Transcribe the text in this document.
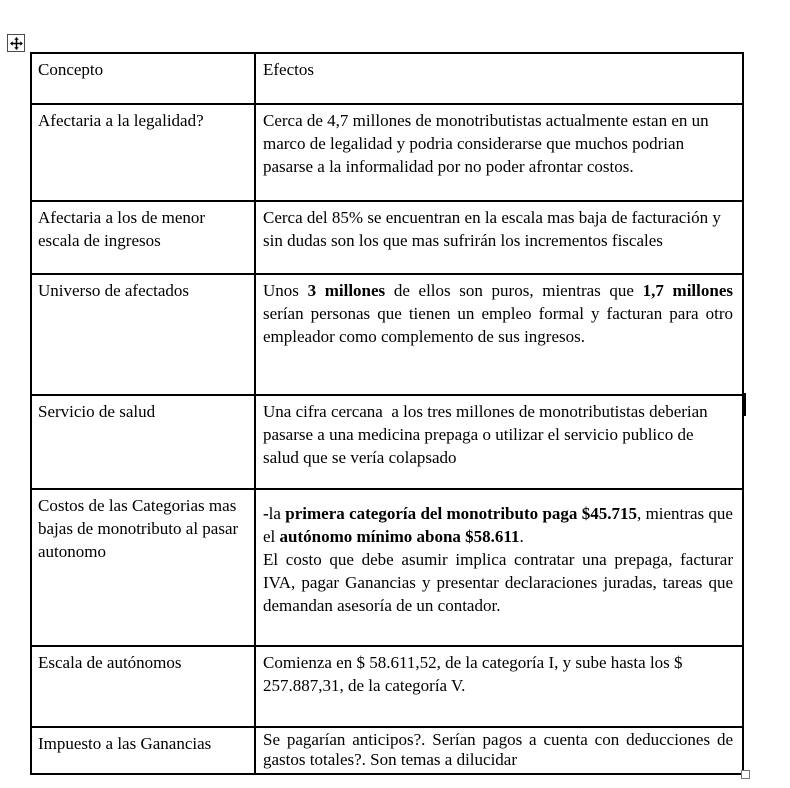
Concepto	Efectos
Afectaria a la legalidad?	Cerca de 4,7 millones de monotributistas actualmente estan en un marco de legalidad y podria considerarse que muchos podrian pasarse a la informalidad por no poder afrontar costos.

Afectaria a los de menor escala de ingresos	Cerca del 85% se encuentran en la escala mas baja de facturación y sin dudas son los que mas sufrirán los incrementos fiscales

Universo de afectados	Unos 3 millones de ellos son puros, mientras que 1,7 millones serían personas que tienen un empleo formal y facturan para otro empleador como complemento de sus ingresos.

Servicio de salud	Una cifra cercana  a los tres millones de monotributistas deberian pasarse a una medicina prepaga o utilizar el servicio publico de salud que se vería colapsado

Costos de las Categorias mas bajas de monotributo al pasar  autonomo	-la primera categoría del monotributo paga $45.715, mientras que el autónomo mínimo abona $58.611.
El costo que debe asumir implica contratar una prepaga, facturar IVA, pagar Ganancias y presentar declaraciones juradas, tareas que demandan asesoría de un contador.

Escala de autónomos	Comienza en $ 58.611,52, de la categoría I, y sube hasta los $ 257.887,31, de la categoría V.

Impuesto a las Ganancias	Se pagarían anticipos?. Serían pagos a cuenta con deducciones de gastos totales?. Son temas a dilucidar
